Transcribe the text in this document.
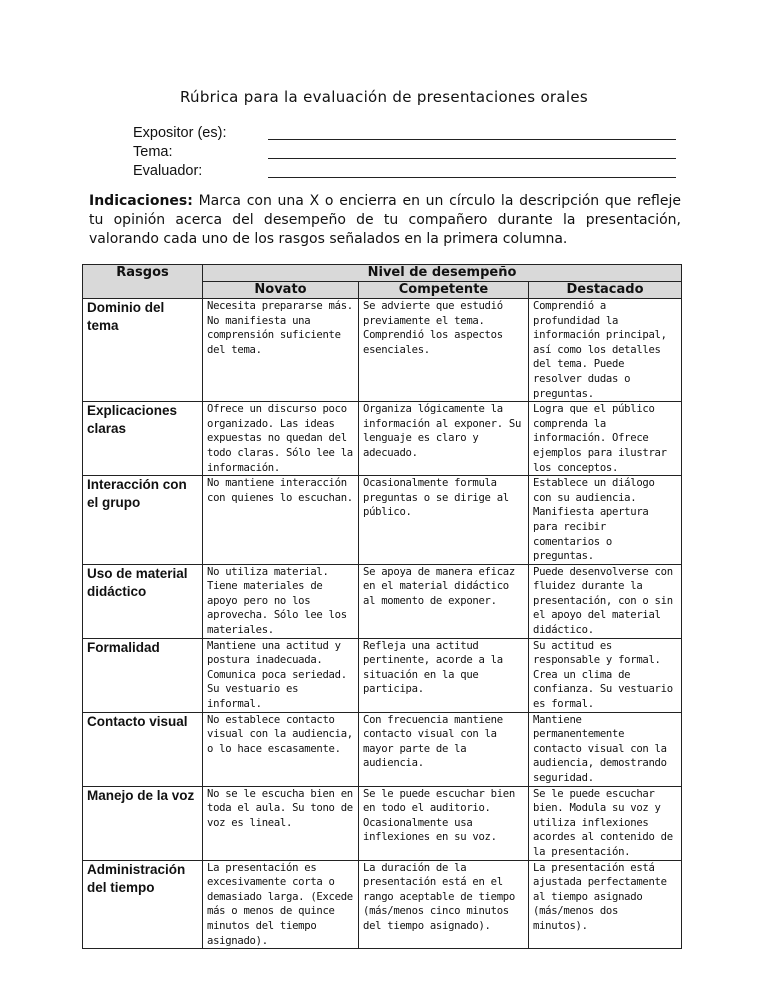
Rúbrica para la evaluación de presentaciones orales
Expositor (es):
Tema:
Evaluador:
Indicaciones: Marca con una X o encierra en un círculo la descripción que refleje tu opinión acerca del desempeño de tu compañero durante la presentación, valorando cada uno de los rasgos señalados en la primera columna.
Rasgos	Nivel de desempeño		
	Novato	Competente	Destacado
Dominio del tema	Necesita prepararse más. No manifiesta una comprensión suficiente del tema.	Se advierte que estudió previamente el tema. Comprendió los aspectos esenciales.	Comprendió a profundidad la información principal, así como los detalles del tema. Puede resolver dudas o preguntas.
Explicaciones claras	Ofrece un discurso poco organizado. Las ideas expuestas no quedan del todo claras. Sólo lee la información.	Organiza lógicamente la información al exponer. Su lenguaje es claro y adecuado.	Logra que el público comprenda la información. Ofrece ejemplos para ilustrar los conceptos.
Interacción con el grupo	No mantiene interacción con quienes lo escuchan.	Ocasionalmente formula preguntas o se dirige al público.	Establece un diálogo con su audiencia. Manifiesta apertura para recibir comentarios o preguntas.
Uso de material didáctico	No utiliza material. Tiene materiales de apoyo pero no los aprovecha. Sólo lee los materiales.	Se apoya de manera eficaz en el material didáctico al momento de exponer.	Puede desenvolverse con fluidez durante la presentación, con o sin el apoyo del material didáctico.
Formalidad	Mantiene una actitud y postura inadecuada. Comunica poca seriedad. Su vestuario es informal.	Refleja una actitud pertinente, acorde a la situación en la que participa.	Su actitud es responsable y formal. Crea un clima de confianza. Su vestuario es formal.
Contacto visual	No establece contacto visual con la audiencia, o lo hace escasamente.	Con frecuencia mantiene contacto visual con la mayor parte de la audiencia.	Mantiene permanentemente contacto visual con la audiencia, demostrando seguridad.
Manejo de la voz	No se le escucha bien en toda el aula. Su tono de voz es lineal.	Se le puede escuchar bien en todo el auditorio. Ocasionalmente usa inflexiones en su voz.	Se le puede escuchar bien. Modula su voz y utiliza inflexiones acordes al contenido de la presentación.
Administración del tiempo	La presentación es excesivamente corta o demasiado larga. (Excede más o menos de quince minutos del tiempo asignado).	La duración de la presentación está en el rango aceptable de tiempo (más/menos cinco minutos del tiempo asignado).	La presentación está ajustada perfectamente al tiempo asignado (más/menos dos minutos).
